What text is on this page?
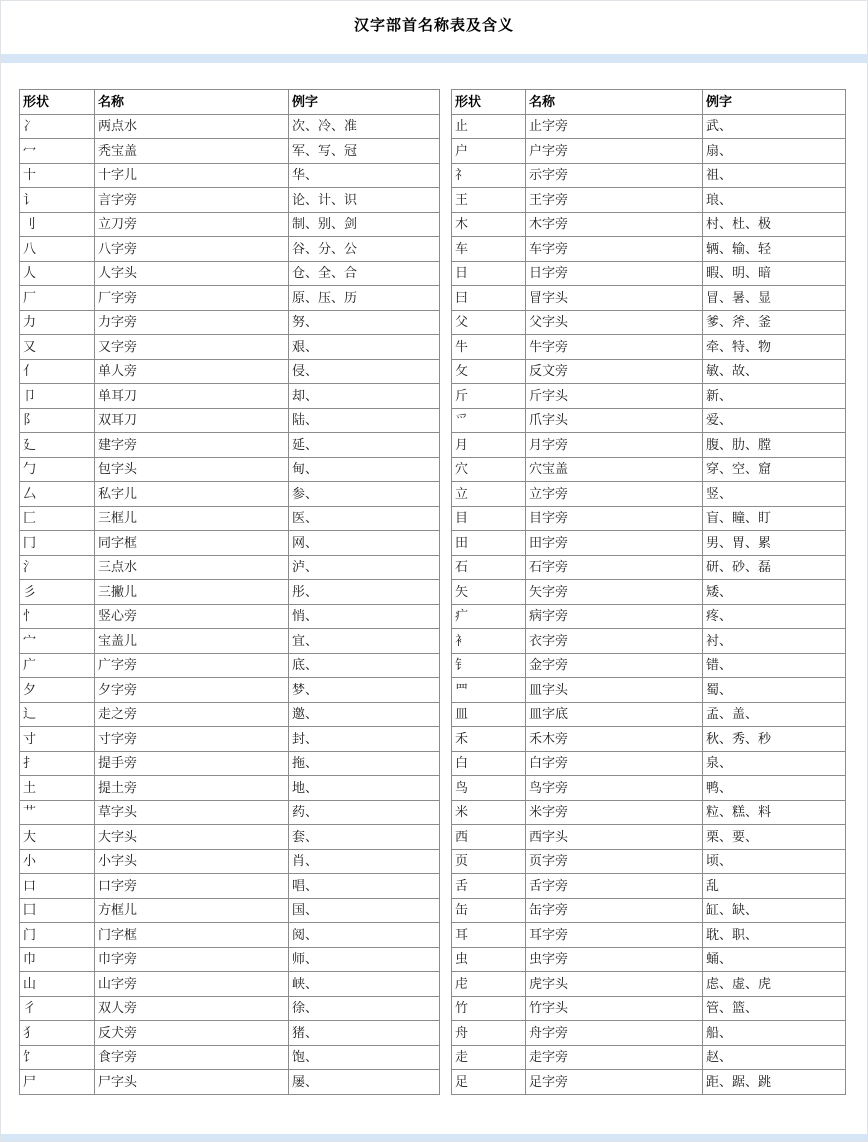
汉字部首名称表及含义
形状	名称	例字
冫	两点水	次、冷、准
冖	秃宝盖	军、写、冠
十	十字儿	华、
讠	言字旁	论、计、识
刂	立刀旁	制、别、剑
八	八字旁	谷、分、公
人	人字头	仓、全、合
厂	厂字旁	原、压、历
力	力字旁	努、
又	又字旁	艰、
亻	单人旁	侵、
卩	单耳刀	却、
阝	双耳刀	陆、
廴	建字旁	延、
勹	包字头	甸、
厶	私字儿	参、
匚	三框儿	医、
冂	同字框	网、
氵	三点水	泸、
彡	三撇儿	彤、
忄	竖心旁	悄、
宀	宝盖儿	宜、
广	广字旁	底、
夕	夕字旁	梦、
辶	走之旁	邀、
寸	寸字旁	封、
扌	提手旁	拖、
土	提土旁	地、
艹	草字头	药、
大	大字头	套、
小	小字头	肖、
口	口字旁	唱、
囗	方框儿	国、
门	门字框	阅、
巾	巾字旁	师、
山	山字旁	峡、
彳	双人旁	徐、
犭	反犬旁	猪、
饣	食字旁	饱、
尸	尸字头	屡、
形状	名称	例字
止	止字旁	武、
户	户字旁	扇、
礻	示字旁	祖、
王	王字旁	琅、
木	木字旁	村、杜、极
车	车字旁	辆、输、轻
日	日字旁	暇、明、暗
曰	冒字头	冒、暑、显
父	父字头	爹、斧、釜
牛	牛字旁	牵、特、物
攵	反文旁	敏、故、
斤	斤字头	新、
爫	爪字头	爱、
月	月字旁	腹、肋、膛
穴	穴宝盖	穿、空、窟
立	立字旁	竖、
目	目字旁	盲、瞳、盯
田	田字旁	男、胃、累
石	石字旁	研、砂、磊
矢	矢字旁	矮、
疒	病字旁	疼、
衤	衣字旁	衬、
钅	金字旁	错、
罒	皿字头	蜀、
皿	皿字底	孟、盖、
禾	禾木旁	秋、秀、秒
白	白字旁	泉、
鸟	鸟字旁	鸭、
米	米字旁	粒、糕、料
西	西字头	栗、要、
页	页字旁	顷、
舌	舌字旁	乱
缶	缶字旁	缸、缺、
耳	耳字旁	耽、职、
虫	虫字旁	蛹、
虍	虎字头	虑、虚、虎
竹	竹字头	管、篮、
舟	舟字旁	船、
走	走字旁	赵、
足	足字旁	距、踞、跳
